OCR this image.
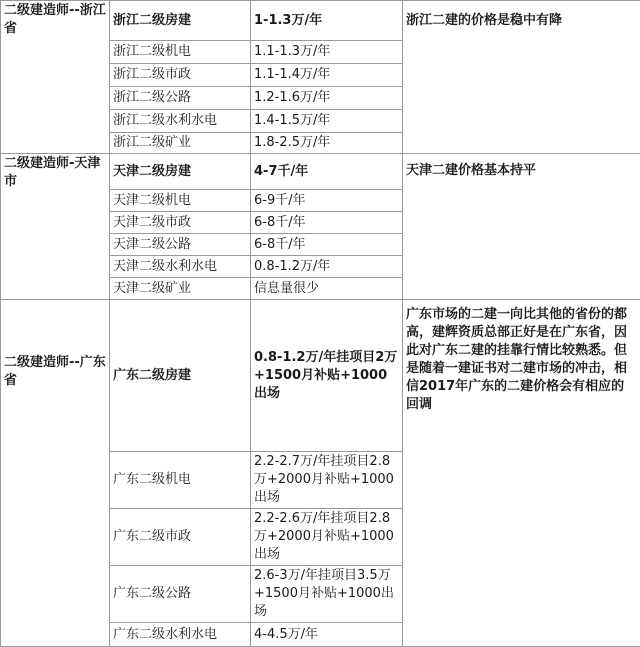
二级建造师--浙江省	浙江二级房建	1-1.3万/年	浙江二建的价格是稳中有降
	浙江二级机电	1.1-1.3万/年	
	浙江二级市政	1.1-1.4万/年	
	浙江二级公路	1.2-1.6万/年	
	浙江二级水利水电	1.4-1.5万/年	
	浙江二级矿业	1.8-2.5万/年	
二级建造师-天津市	天津二级房建	4-7千/年	天津二建价格基本持平
	天津二级机电	6-9千/年	
	天津二级市政	6-8千/年	
	天津二级公路	6-8千/年	
	天津二级水利水电	0.8-1.2万/年	
	天津二级矿业	信息量很少	
二级建造师--广东省	广东二级房建	0.8-1.2万/年挂项目2万+1500月补贴+1000出场	广东市场的二建一向比其他的省份的都高，建辉资质总部正好是在广东省，因此对广东二建的挂靠行情比较熟悉。但是随着一建证书对二建市场的冲击，相信2017年广东的二建价格会有相应的回调
	广东二级机电	2.2-2.7万/年挂项目2.8万+2000月补贴+1000出场	
	广东二级市政	2.2-2.6万/年挂项目2.8万+2000月补贴+1000出场	
	广东二级公路	2.6-3万/年挂项目3.5万+1500月补贴+1000出场	
	广东二级水利水电	4-4.5万/年	
